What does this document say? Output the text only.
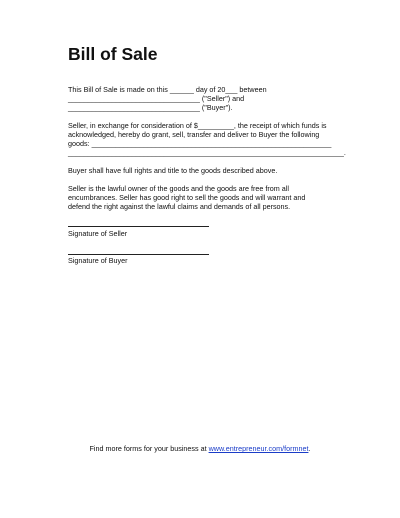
Bill of Sale

This Bill of Sale is made on this ______ day of 20___ between

_________________________________ ("Seller") and

_________________________________ ("Buyer").

Seller, in exchange for consideration of $_________, the receipt of which funds is

acknowledged, hereby do grant, sell, transfer and deliver to Buyer the following

goods: ____________________________________________________________

_____________________________________________________________________.

Buyer shall have full rights and title to the goods described above.

Seller is the lawful owner of the goods and the goods are free from all

encumbrances. Seller has good right to sell the goods and will warrant and

defend the right against the lawful claims and demands of all persons.

Signature of Seller

Signature of Buyer

Find more forms for your business at www.entrepreneur.com/formnet.
